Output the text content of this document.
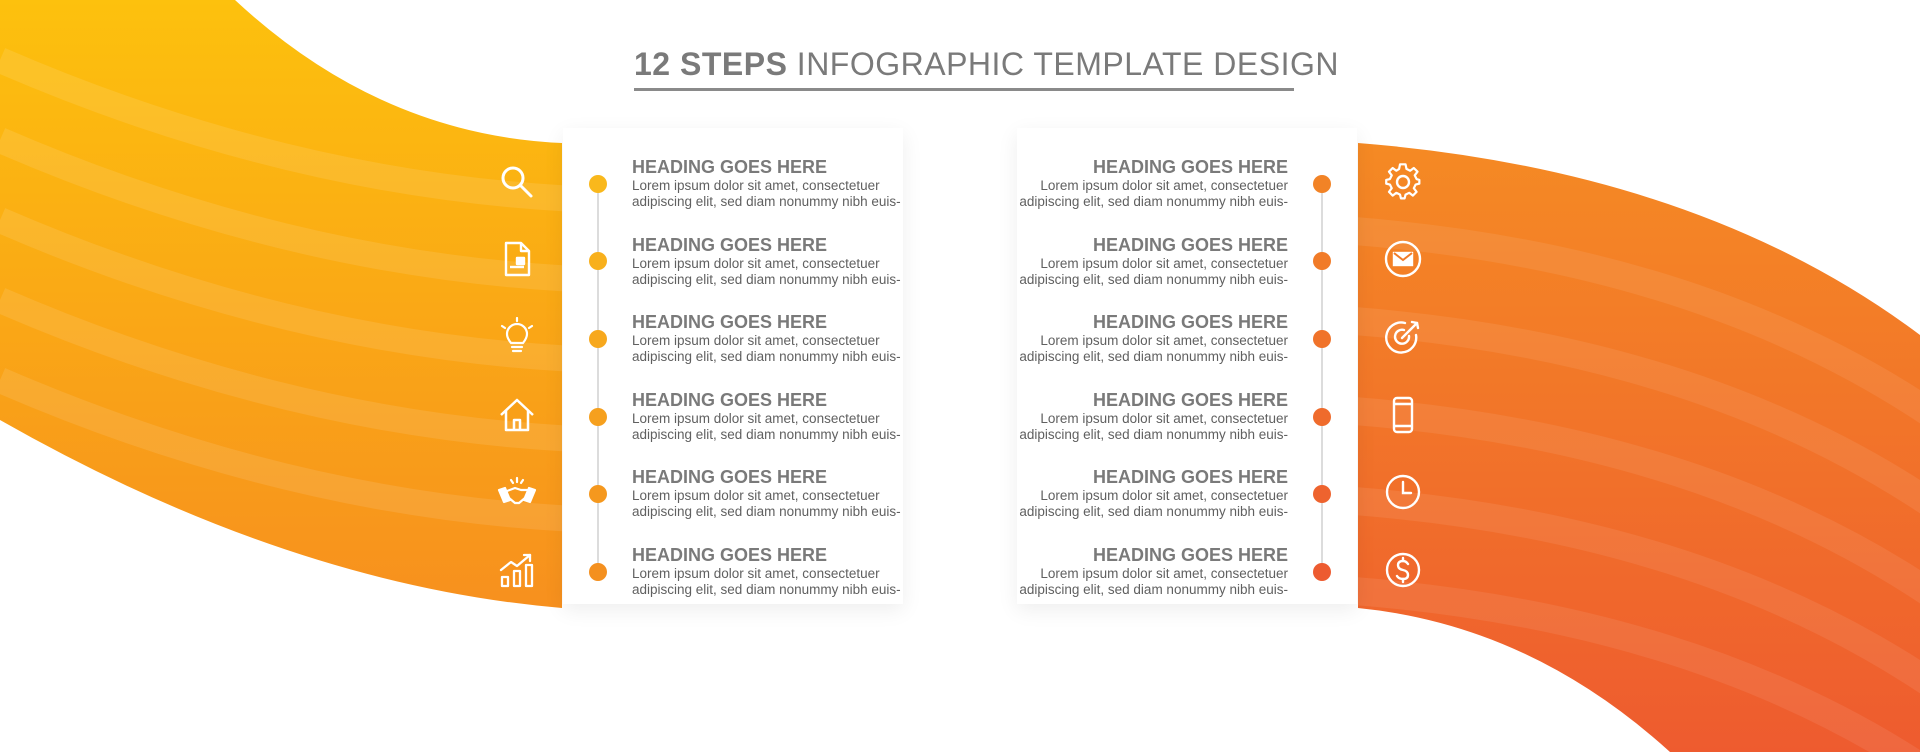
12 STEPS INFOGRAPHIC TEMPLATE DESIGN
HEADING GOES HERE
Lorem ipsum dolor sit amet, consectetuer
adipiscing elit, sed diam nonummy nibh euis-
HEADING GOES HERE
Lorem ipsum dolor sit amet, consectetuer
adipiscing elit, sed diam nonummy nibh euis-
HEADING GOES HERE
Lorem ipsum dolor sit amet, consectetuer
adipiscing elit, sed diam nonummy nibh euis-
HEADING GOES HERE
Lorem ipsum dolor sit amet, consectetuer
adipiscing elit, sed diam nonummy nibh euis-
HEADING GOES HERE
Lorem ipsum dolor sit amet, consectetuer
adipiscing elit, sed diam nonummy nibh euis-
HEADING GOES HERE
Lorem ipsum dolor sit amet, consectetuer
adipiscing elit, sed diam nonummy nibh euis-
HEADING GOES HERE
Lorem ipsum dolor sit amet, consectetuer
adipiscing elit, sed diam nonummy nibh euis-
HEADING GOES HERE
Lorem ipsum dolor sit amet, consectetuer
adipiscing elit, sed diam nonummy nibh euis-
HEADING GOES HERE
Lorem ipsum dolor sit amet, consectetuer
adipiscing elit, sed diam nonummy nibh euis-
HEADING GOES HERE
Lorem ipsum dolor sit amet, consectetuer
adipiscing elit, sed diam nonummy nibh euis-
HEADING GOES HERE
Lorem ipsum dolor sit amet, consectetuer
adipiscing elit, sed diam nonummy nibh euis-
HEADING GOES HERE
Lorem ipsum dolor sit amet, consectetuer
adipiscing elit, sed diam nonummy nibh euis-
